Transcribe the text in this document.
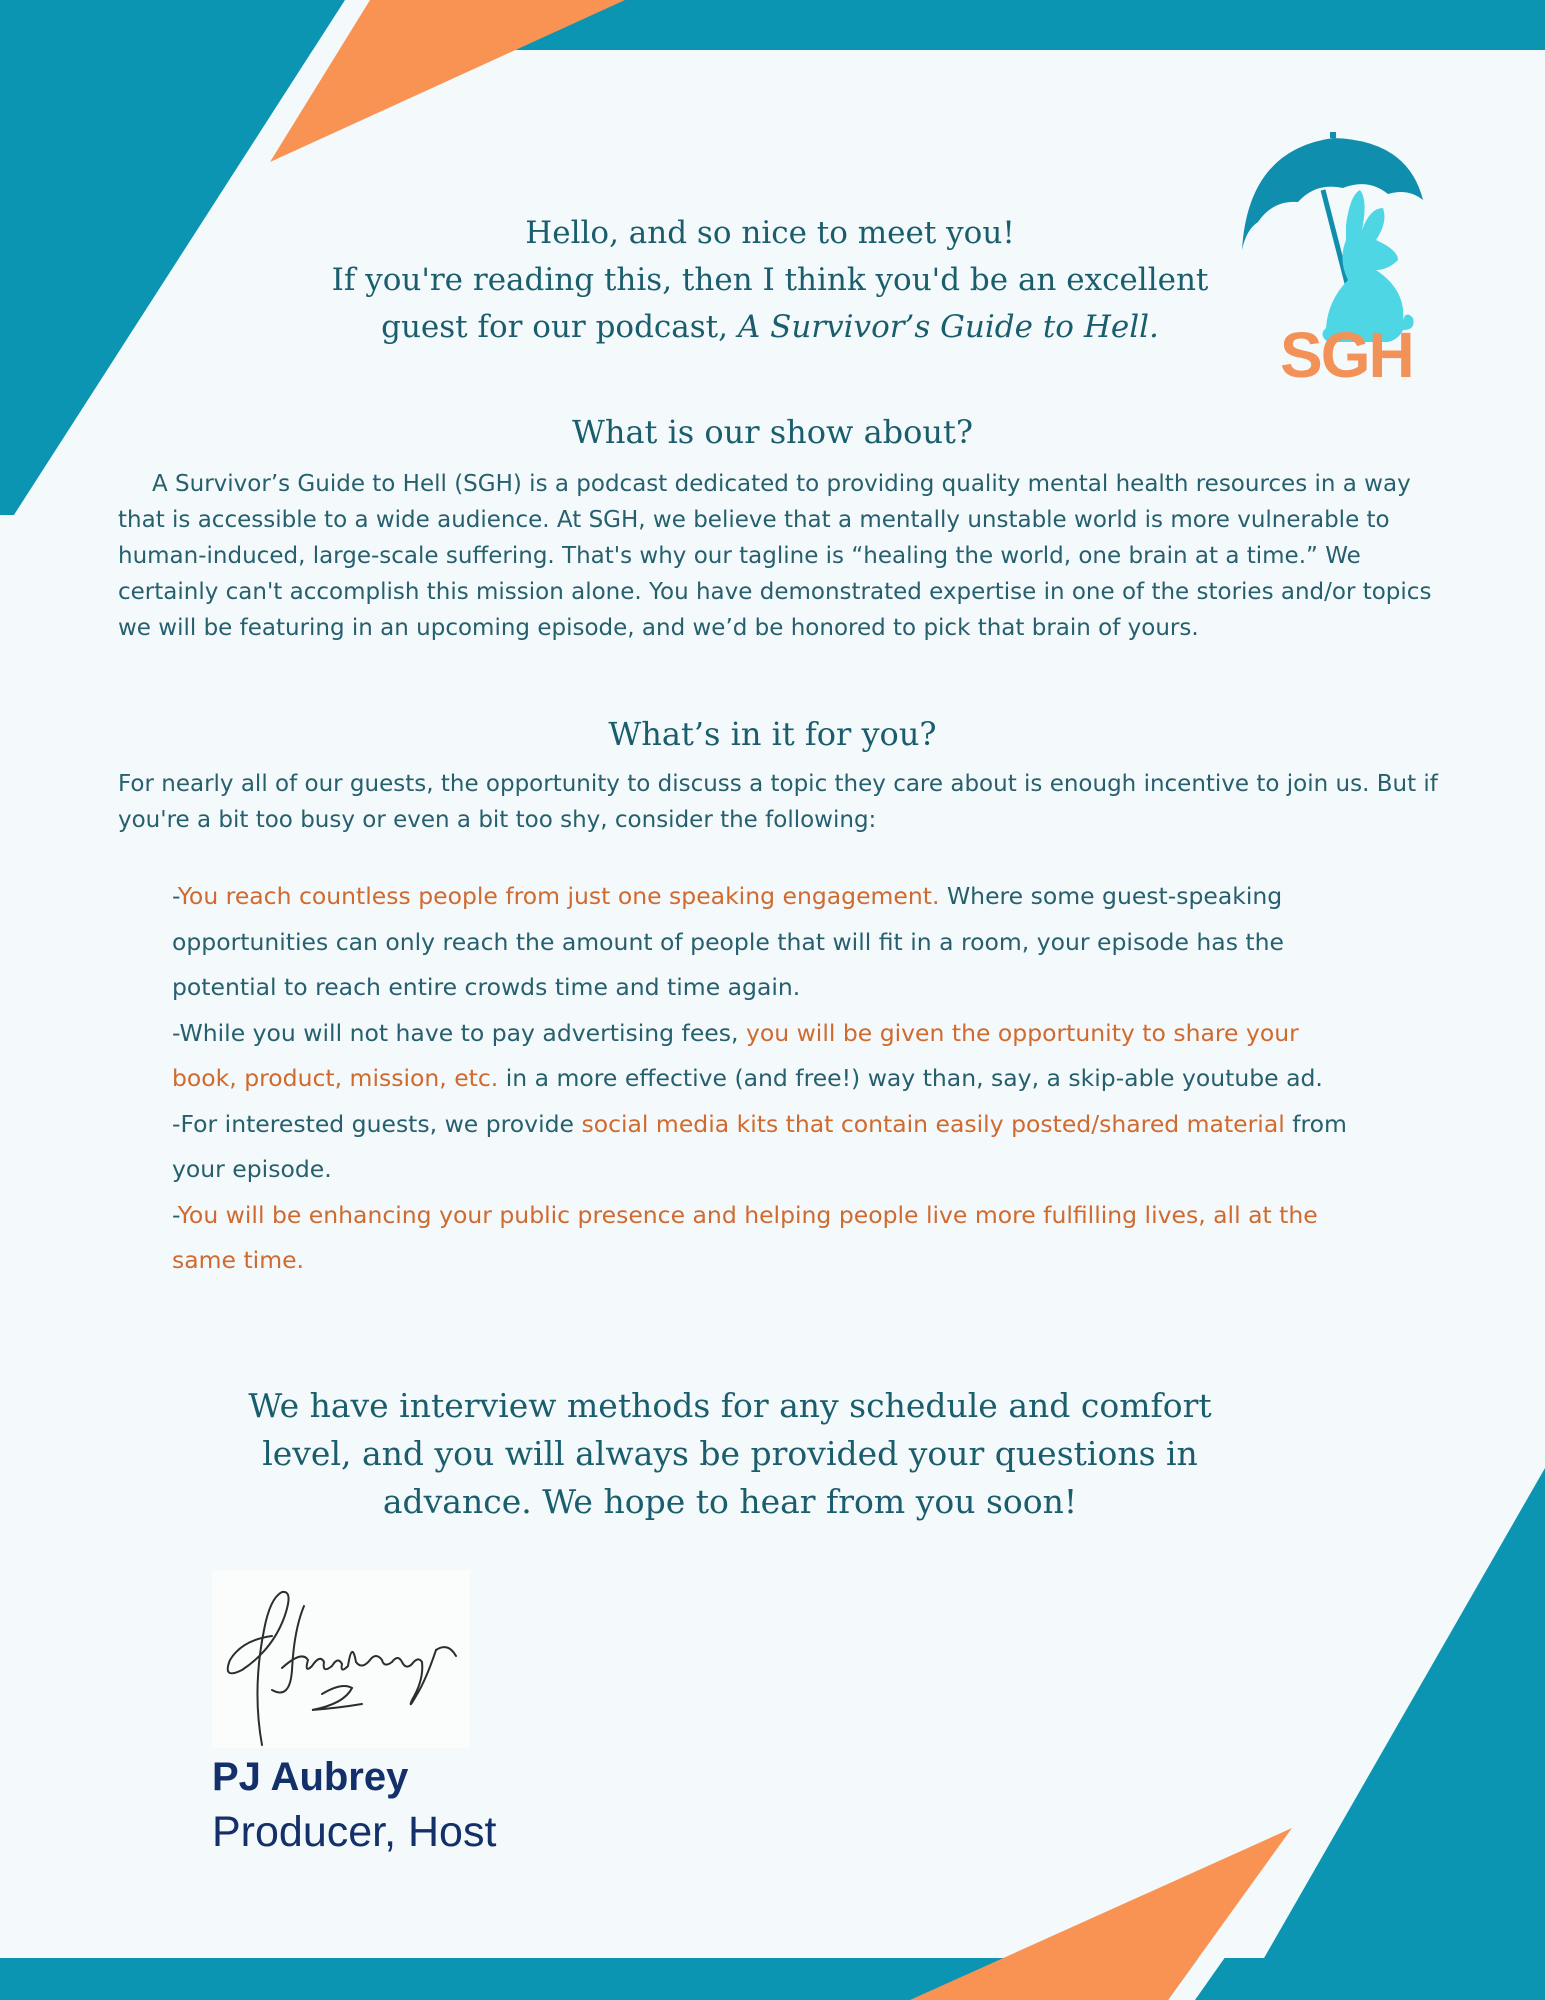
SGH
Hello, and so nice to meet you!
If you're reading this, then I think you'd be an excellent
guest for our podcast, A Survivor’s Guide to Hell.
What is our show about?
A Survivor’s Guide to Hell (SGH) is a podcast dedicated to providing quality mental health resources in a way that is accessible to a wide audience. At SGH, we believe that a mentally unstable world is more vulnerable to human-induced, large-scale suffering. That's why our tagline is “healing the world, one brain at a time.” We certainly can't accomplish this mission alone. You have demonstrated expertise in one of the stories and/or topics we will be featuring in an upcoming episode, and we’d be honored to pick that brain of yours.
What’s in it for you?
For nearly all of our guests, the opportunity to discuss a topic they care about is enough incentive to join us. But if you're a bit too busy or even a bit too shy, consider the following:
-You reach countless people from just one speaking engagement. Where some guest-speaking opportunities can only reach the amount of people that will fit in a room, your episode has the potential to reach entire crowds time and time again.
-While you will not have to pay advertising fees, you will be given the opportunity to share your book, product, mission, etc. in a more effective (and free!) way than, say, a skip-able youtube ad.
-For interested guests, we provide social media kits that contain easily posted/shared material from your episode.
-You will be enhancing your public presence and helping people live more fulfilling lives, all at the same time.
We have interview methods for any schedule and comfort
level, and you will always be provided your questions in
advance. We hope to hear from you soon!
PJ Aubrey
Producer, Host
